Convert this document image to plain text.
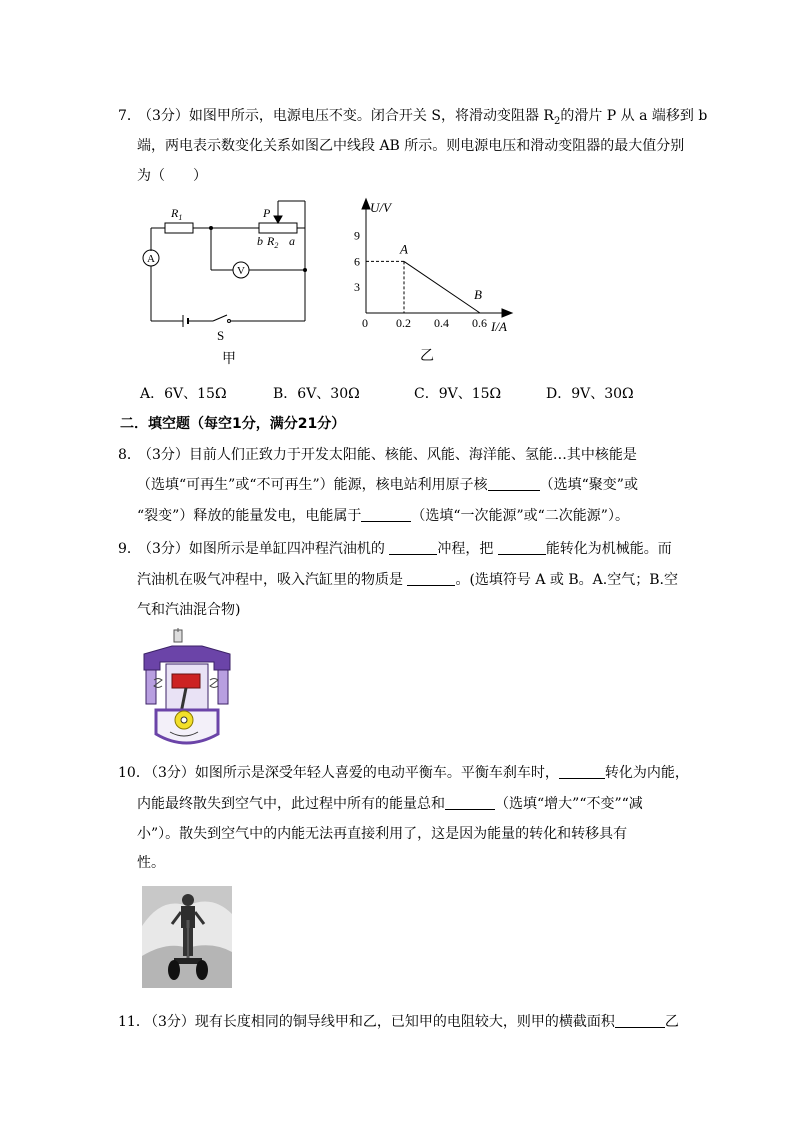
7．
（3分）如图甲所示，电源电压不变。闭合开关 S，将滑动变阻器 $R_2$的滑片 P 从 a 端移到 b
端，两电表示数变化关系如图乙中线段 AB 所示。则电源电压和滑动变阻器的最大值分别
为（　　）
A
V
$R_1$	P
b $R_2$ a
S
甲
0.2 0.4 0.6
3
6
9
A
B
U/V
I/A
0
乙
A．6V、15Ω	B．6V、30Ω	C．9V、15Ω	D．9V、30Ω
二．填空题（每空1分，满分21分）
8．
（3分）目前人们正致力于开发太阳能、核能、风能、海洋能、氢能…其中核能是
（选填“可再生”或“不可再生”）能源，核电站利用原子核	（选填“聚变”或
“裂变”）释放的能量发电，电能属于	（选填“一次能源”或“二次能源”）。
9．
（3分）如图所示是单缸四冲程汽油机的	冲程，把	能转化为机械能。而
汽油机在吸气冲程中，吸入汽缸里的物质是	。(选填符号 A 或 B。A.空气；B.空
气和汽油混合物)
10．
（3分）如图所示是深受年轻人喜爱的电动平衡车。平衡车刹车时，	转化为内能，
内能最终散失到空气中，此过程中所有的能量总和	（选填“增大”“不变”“减
小”）。散失到空气中的内能无法再直接利用了，这是因为能量的转化和转移具有
性。
11．
（3分）现有长度相同的铜导线甲和乙，已知甲的电阻较大，则甲的横截面积	乙
